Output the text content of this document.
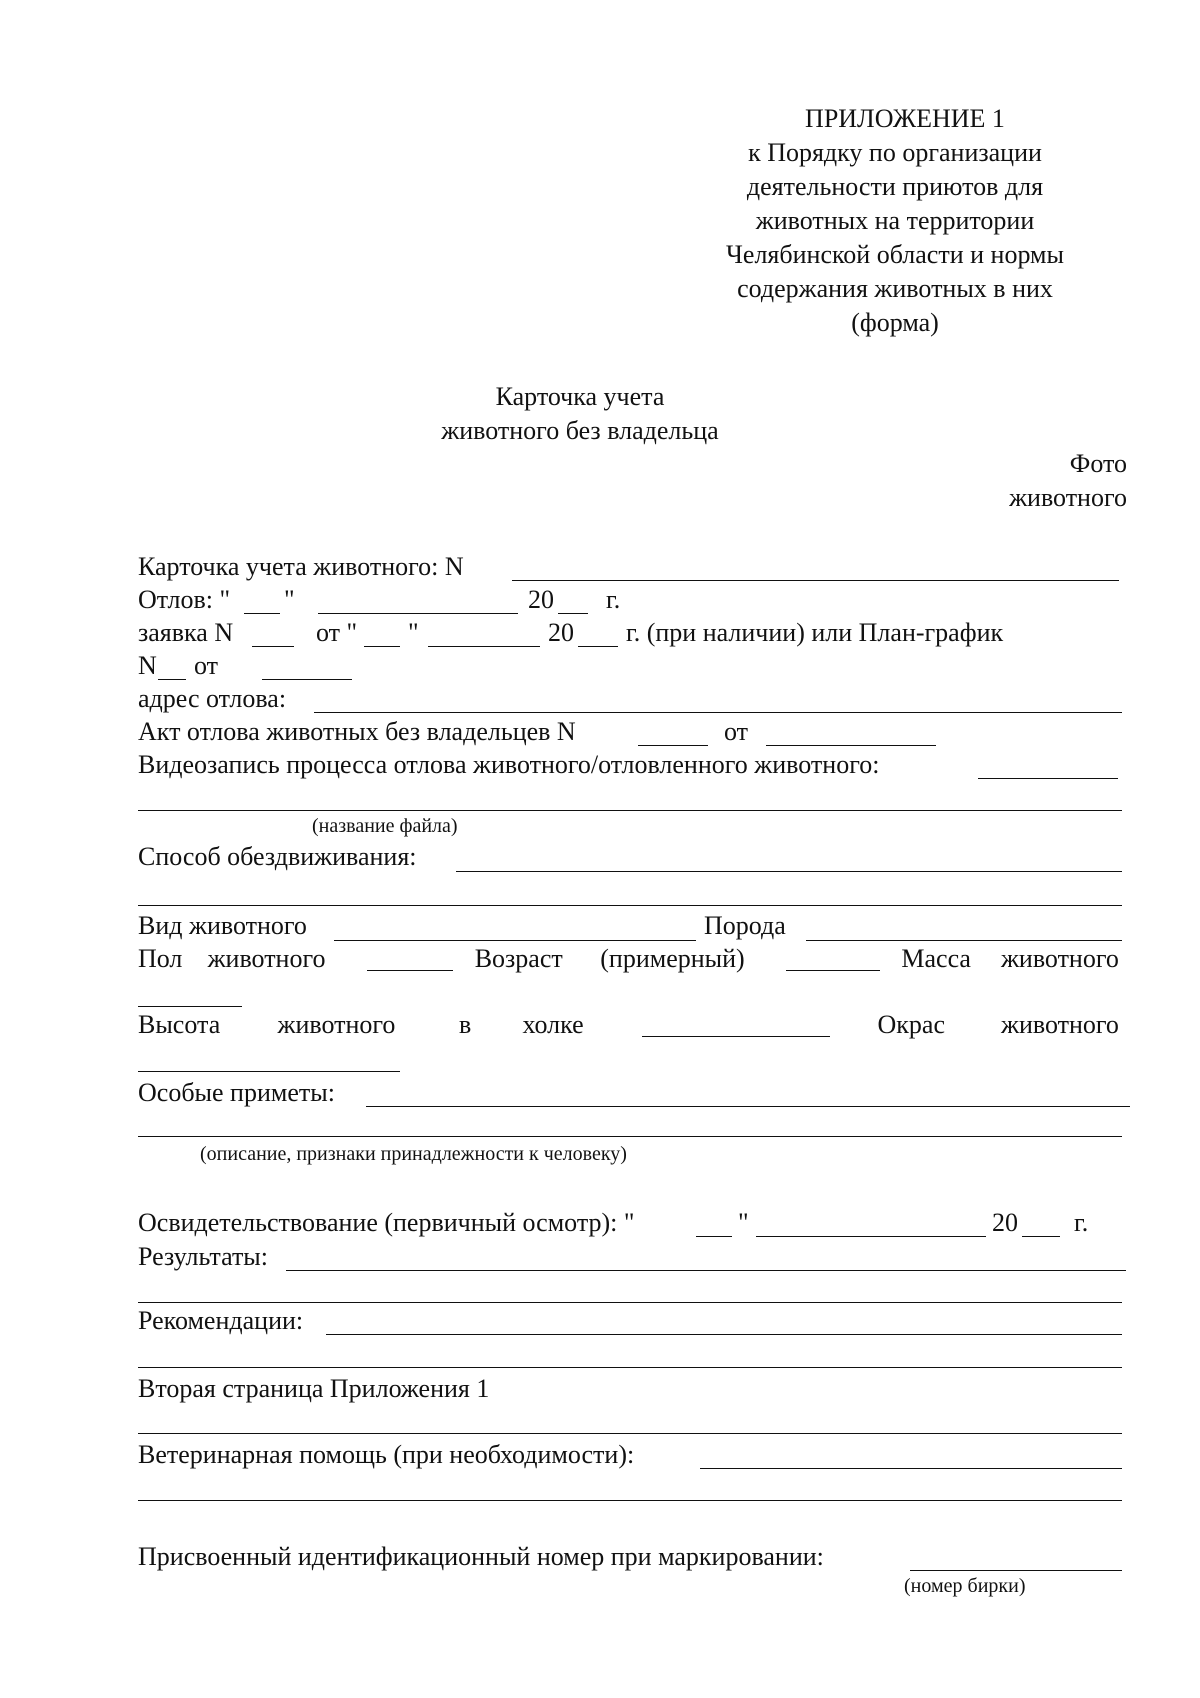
ПРИЛОЖЕНИЕ 1
к Порядку по организации
деятельности приютов для
животных на территории
Челябинской области и нормы
содержания животных в них
(форма)
Карточка учета
животного без владельца
Фото
животного
Карточка учета животного: N
Отлов: " "	20 г.
заявка N	от " "	20 г. (при наличии) или План-график
N от
адрес отлова:
Акт отлова животных без владельцев N	от
Видеозапись процесса отлова животного/отловленного животного:
(название файла)
Способ обездвиживания:
Вид животного	Порода
Пол животного	Возраст	(примерный)	Масса	животного
Высота	животного	в холке	Окрас	животного
Особые приметы:
(описание, признаки принадлежности к человеку)
Освидетельствование (первичный осмотр): "	"	20 г.
Результаты:
Рекомендации:
Вторая страница Приложения 1
Ветеринарная помощь (при необходимости):
Присвоенный идентификационный номер при маркировании:
(номер бирки)
